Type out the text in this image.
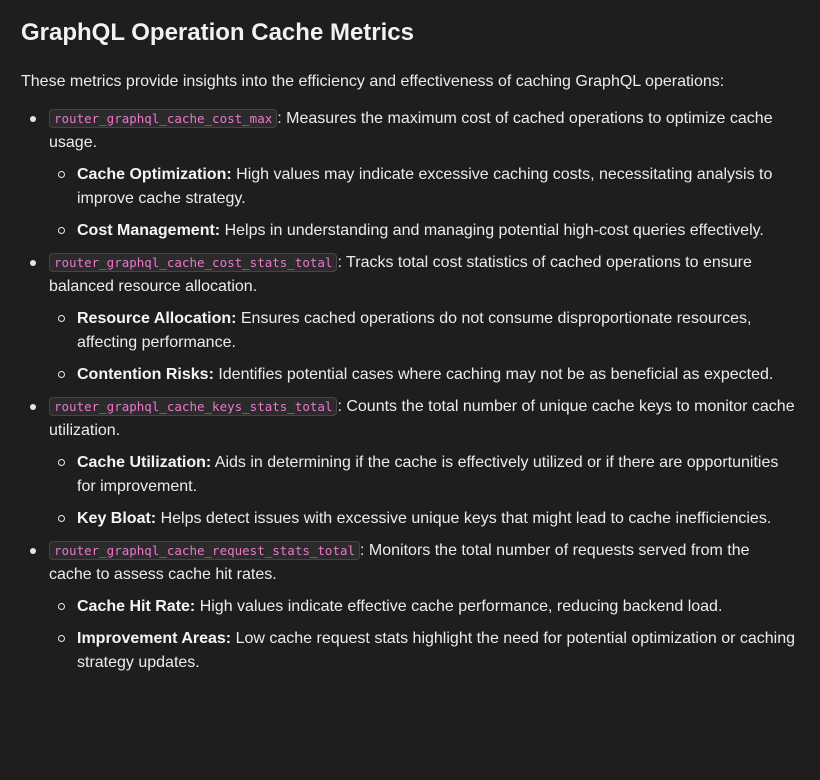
GraphQL Operation Cache Metrics

These metrics provide insights into the efficiency and effectiveness of caching GraphQL operations:

router_graphql_cache_cost_max : Measures the maximum cost of cached operations to optimize cache usage.
Cache Optimization: High values may indicate excessive caching costs, necessitating analysis to improve cache strategy.
Cost Management: Helps in understanding and managing potential high-cost queries effectively.
router_graphql_cache_cost_stats_total : Tracks total cost statistics of cached operations to ensure balanced resource allocation.
Resource Allocation: Ensures cached operations do not consume disproportionate resources, affecting performance.
Contention Risks: Identifies potential cases where caching may not be as beneficial as expected.
router_graphql_cache_keys_stats_total : Counts the total number of unique cache keys to monitor cache utilization.
Cache Utilization: Aids in determining if the cache is effectively utilized or if there are opportunities for improvement.
Key Bloat: Helps detect issues with excessive unique keys that might lead to cache inefficiencies.
router_graphql_cache_request_stats_total : Monitors the total number of requests served from the cache to assess cache hit rates.
Cache Hit Rate: High values indicate effective cache performance, reducing backend load.
Improvement Areas: Low cache request stats highlight the need for potential optimization or caching strategy updates.
